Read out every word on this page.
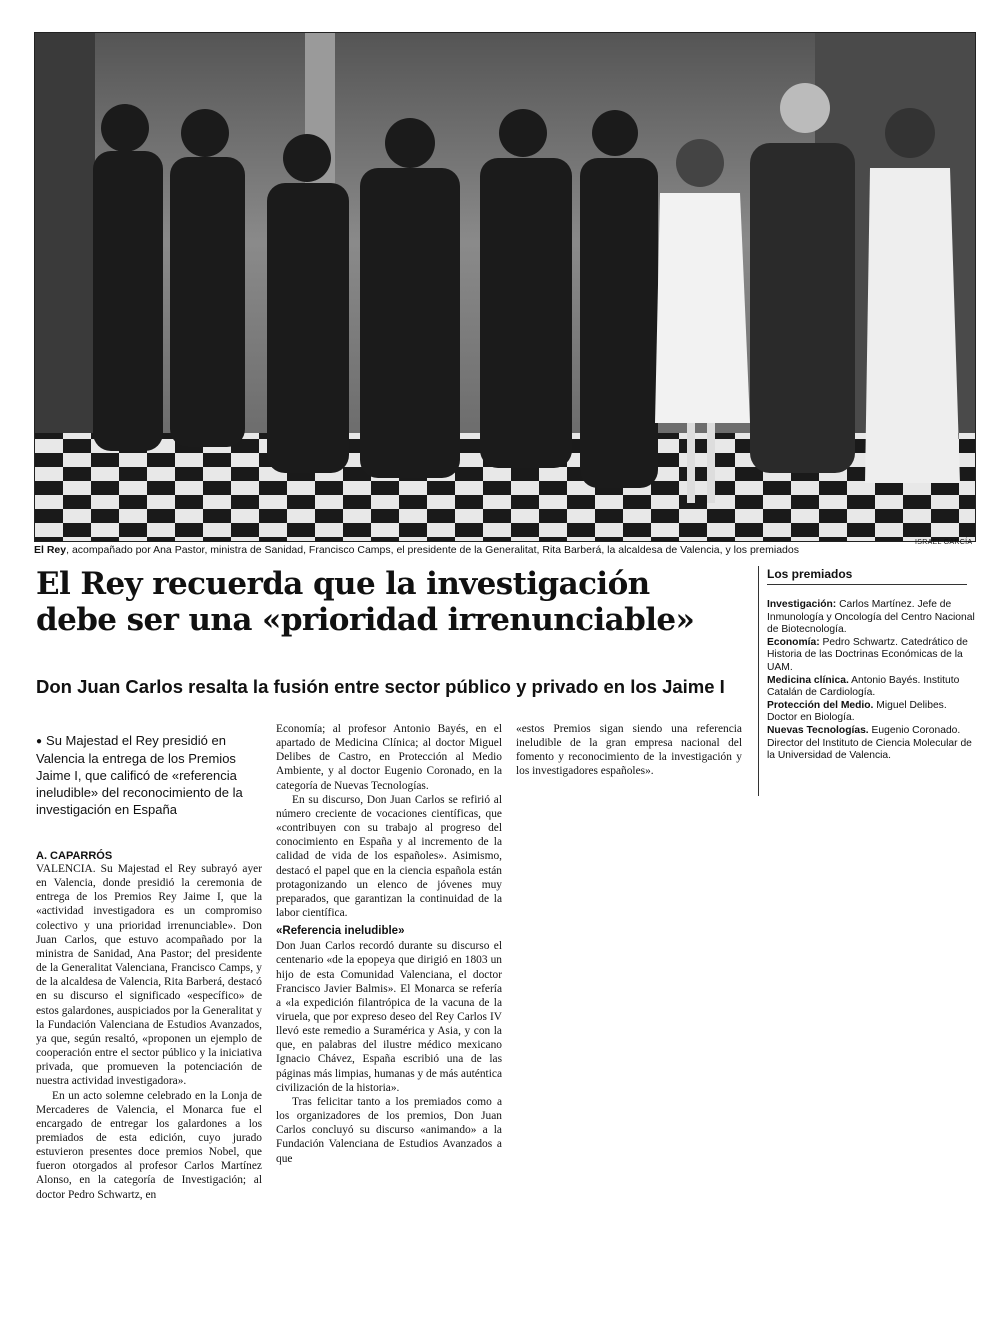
El Rey, acompañado por Ana Pastor, ministra de Sanidad, Francisco Camps, el presidente de la Generalitat, Rita Barberá, la alcaldesa de Valencia, y los premiados
ISRAEL GARCÍA
El Rey recuerda que la investigación debe ser una «prioridad irrenunciable»
Don Juan Carlos resalta la fusión entre sector público y privado en los Jaime I
Los premiados
Investigación: Carlos Martínez. Jefe de Inmunología y Oncología del Centro Nacional de Biotecnología.
Economía: Pedro Schwartz. Catedrático de Historia de las Doctrinas Económicas de la UAM.
Medicina clínica. Antonio Bayés. Instituto Catalán de Cardiología.
Protección del Medio. Miguel Delibes. Doctor en Biología.
Nuevas Tecnologías. Eugenio Coronado. Director del Instituto de Ciencia Molecular de la Universidad de Valencia.

● Su Majestad el Rey presidió en Valencia la entrega de los Premios Jaime I, que calificó de «referencia ineludible» del reconocimiento de la investigación en España

A. CAPARRÓS

VALENCIA. Su Majestad el Rey subrayó ayer en Valencia, donde presidió la ceremonia de entrega de los Premios Rey Jaime I, que la «actividad investigadora es un compromiso colectivo y una prioridad irrenunciable». Don Juan Carlos, que estuvo acompañado por la ministra de Sanidad, Ana Pastor; del presidente de la Generalitat Valenciana, Francisco Camps, y de la alcaldesa de Valencia, Rita Barberá, destacó en su discurso el significado «específico» de estos galardones, auspiciados por la Generalitat y la Fundación Valenciana de Estudios Avanzados, ya que, según resaltó, «proponen un ejemplo de cooperación entre el sector público y la iniciativa privada, que promueven la potenciación de nuestra actividad investigadora».

En un acto solemne celebrado en la Lonja de Mercaderes de Valencia, el Monarca fue el encargado de entregar los galardones a los premiados de esta edición, cuyo jurado estuvieron presentes doce premios Nobel, que fueron otorgados al profesor Carlos Martínez Alonso, en la categoría de Investigación; al doctor Pedro Schwartz, en

Economía; al profesor Antonio Bayés, en el apartado de Medicina Clínica; al doctor Miguel Delibes de Castro, en Protección al Medio Ambiente, y al doctor Eugenio Coronado, en la categoría de Nuevas Tecnologías.

En su discurso, Don Juan Carlos se refirió al número creciente de vocaciones científicas, que «contribuyen con su trabajo al progreso del conocimiento en España y al incremento de la calidad de vida de los españoles». Asimismo, destacó el papel que en la ciencia española están protagonizando un elenco de jóvenes muy preparados, que garantizan la continuidad de la labor científica.

«Referencia ineludible»

Don Juan Carlos recordó durante su discurso el centenario «de la epopeya que dirigió en 1803 un hijo de esta Comunidad Valenciana, el doctor Francisco Javier Balmis». El Monarca se refería a «la expedición filantrópica de la vacuna de la viruela, que por expreso deseo del Rey Carlos IV llevó este remedio a Suramérica y Asia, y con la que, en palabras del ilustre médico mexicano Ignacio Chávez, España escribió una de las páginas más limpias, humanas y de más auténtica civilización de la historia».

Tras felicitar tanto a los premiados como a los organizadores de los premios, Don Juan Carlos concluyó su discurso «animando» a la Fundación Valenciana de Estudios Avanzados a que

«estos Premios sigan siendo una referencia ineludible de la gran empresa nacional del fomento y reconocimiento de la investigación y los investigadores españoles».
